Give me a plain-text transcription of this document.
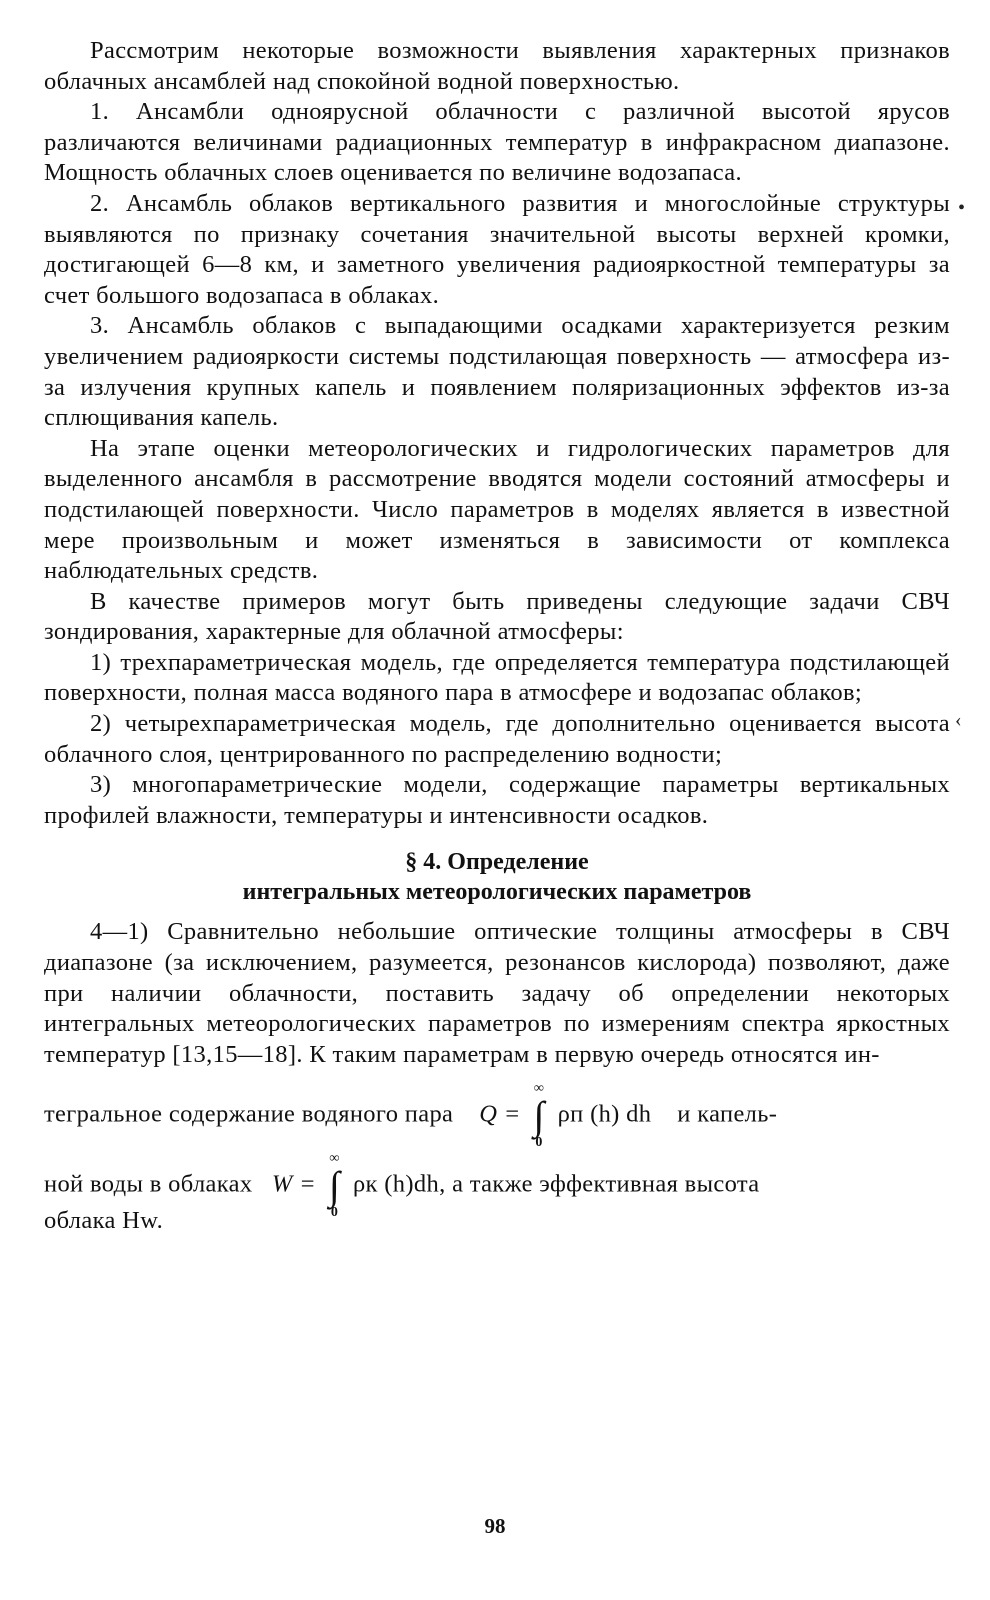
Рассмотрим некоторые возможности выявления характерных признаков облачных ансамблей над спокойной водной поверхностью.

1. Ансамбли одноярусной облачности с различной высотой ярусов различаются величинами радиационных температур в инфракрасном диапазоне. Мощность облачных слоев оценивается по величине водозапаса.

2. Ансамбль облаков вертикального развития и многослойные структуры выявляются по признаку сочетания значительной высоты верхней кромки, достигающей 6—8 км, и заметного увеличения радиояркостной температуры за счет большого водозапаса в облаках.

3. Ансамбль облаков с выпадающими осадками характеризуется резким увеличением радиояркости системы подстилающая поверхность — атмосфера из-за излучения крупных капель и появлением поляризационных эффектов из-за сплющивания капель.

На этапе оценки метеорологических и гидрологических параметров для выделенного ансамбля в рассмотрение вводятся модели состояний атмосферы и подстилающей поверхности. Число параметров в моделях является в известной мере произвольным и может изменяться в зависимости от комплекса наблюдательных средств.

В качестве примеров могут быть приведены следующие задачи СВЧ зондирования, характерные для облачной атмосферы:

1) трехпараметрическая модель, где определяется температура подстилающей поверхности, полная масса водяного пара в атмосфере и водозапас облаков;

2) четырехпараметрическая модель, где дополнительно оценивается высота облачного слоя, центрированного по распределению водности;

3) многопараметрические модели, содержащие параметры вертикальных профилей влажности, температуры и интенсивности осадков.

§ 4. Определение
интегральных метеорологических параметров

4—1) Сравнительно небольшие оптические толщины атмосферы в СВЧ диапазоне (за исключением, разумеется, резонансов кислорода) позволяют, даже при наличии облачности, поставить задачу об определении некоторых интегральных метеорологических параметров по измерениям спектра яркостных температур [13,15—18]. К таким параметрам в первую очередь относятся ин-

тегральное содержание водяного пара Q =
∞
∫
0
ρп (h) dh и капель-

ной воды в облаках W =
∞
∫
0
ρк (h)dh, а также эффективная высота

облака Hw.

98
•
‹
